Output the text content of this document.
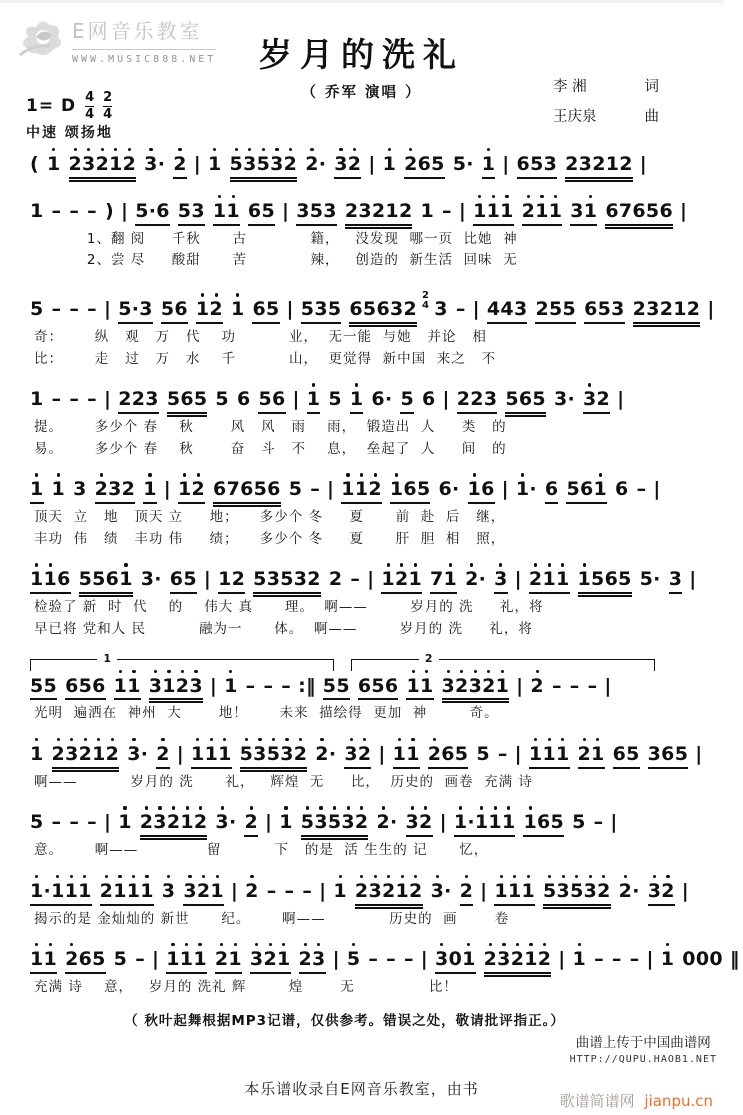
E网音乐教室
WWW.MUSIC888.NET	岁月的洗礼
（ 乔军 演唱 ）	李 湘	词
王庆泉	曲
1= D $\frac{4}{4} \frac{2}{4}$
中速 颂扬地
( 1 23212 3· 2 | 1 53532 2· 32 | 1 265 5· 1 | 653 23212 |
1 – – – ) | 5·6 53 11 65 | 353 23212 1 – | 111 211 31 67656 |
1、翻 阅     千秋      古            籍，   没发现  哪一页  比她  神
2、尝 尽     酸甜      苦            辣，   创造的  新生活  回味  无
5 – – – | 5·3 56 12 1 65 | 535 65632
2
4 3 – | 443 255 653 23212 |
奇：      纵   观   万   代    功          业，  无一能  与她   并论   相
比：      走   过   万   水    千          山，  更觉得  新中国  来之   不
1 – – – | 223 565 5 6 56 | 1 5 1 6· 5 6 | 223 565 3· 32 |
提。      多少个 春    秋       风   风   雨    雨，  锻造出  人     类   的
易。      多少个 春    秋       奋   斗   不    息，  垒起了  人     间   的
1 1 3 232 1 | 12 67656 5 – | 112 165 6· 16 | 1· 6 561 6 – |
顶天  立   地   顶天 立     地；    多少个 冬     夏      前  赴  后   继，
丰功  伟   绩   丰功 伟     绩；    多少个 冬     夏      肝  胆  相   照，
116 5561 3· 65 | 12 53532 2 – | 121 71 2· 3 | 211 1565 5· 3 |
检验了 新  时  代    的    伟大 真      理。  啊——        岁月的 洗     礼，将
早已将 党和人 民          融为一      体。  啊——        岁月的 洗     礼，将
1	2
55 656 11 3123 | 1 – – – :‖ 55 656 11 32321 | 2 – – – |
光明  遍洒在  神州  大       地！      未来  描绘得  更加  神        奇。
1 23212 3· 2 | 111 53532 2· 32 | 11 265 5 – | 111 21 65 365 |
啊——          岁月的 洗      礼，   辉煌  无     比，  历史的  画卷  充满 诗
5 – – – | 1 23212 3· 2 | 1 53532 2· 32 | 1·111 165 5 – |
意。      啊——             留          下   的是  活 生生的 记      忆，
1·111 2111 3 321 | 2 – – – | 1 23212 3· 2 | 111 53532 2· 32 |
揭示的是 金灿灿的 新世      纪。      啊——            历史的  画       卷
11 265 5 – | 111 21 321 23 | 5 – – – | 301 23212 | 1 – – – | 1 000 ‖
充满 诗    意，   岁月的 洗礼 辉        煌       无              比！
（ 秋叶起舞根据MP3记谱，仅供参考。错误之处，敬请批评指正。）
本乐谱收录自E网音乐教室，由书
曲谱上传于中国曲谱网
HTTP://QUPU.HAOB1.NET
歌谱简谱网 jianpu.cn
